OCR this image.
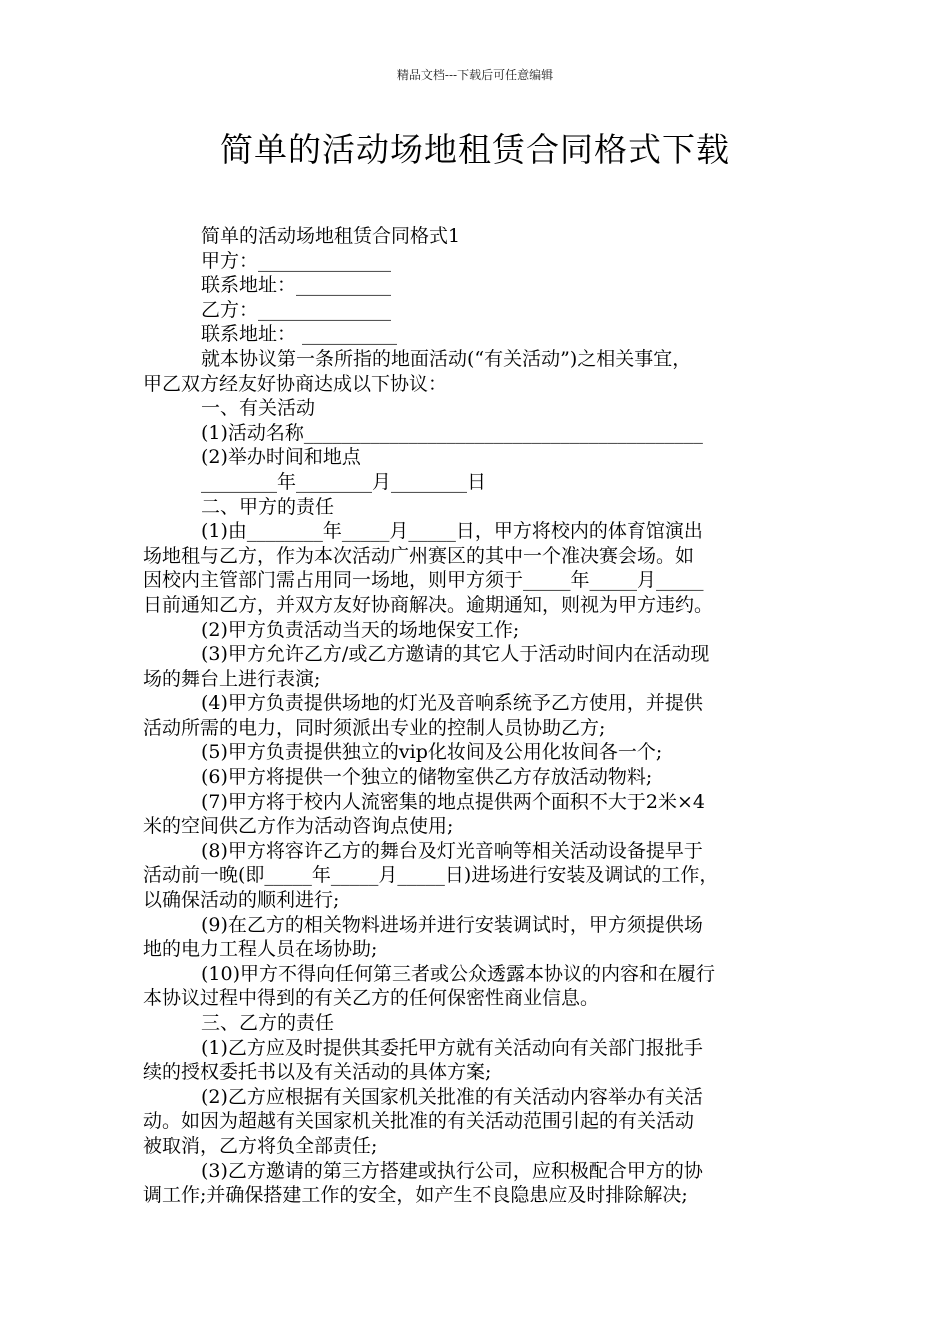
精品文档---下载后可任意编辑
简单的活动场地租赁合同格式下载
简单的活动场地租赁合同格式1
甲方：______________
联系地址：__________
乙方：______________
联系地址： __________
就本协议第一条所指的地面活动(“有关活动”)之相关事宜，
甲乙双方经友好协商达成以下协议：
一、有关活动
(1)活动名称__________________________________________
(2)举办时间和地点
________年________月________日
二、甲方的责任
(1)由________年_____月_____日，甲方将校内的体育馆演出
场地租与乙方，作为本次活动广州赛区的其中一个准决赛会场。如
因校内主管部门需占用同一场地，则甲方须于_____年_____月_____
日前通知乙方，并双方友好协商解决。逾期通知，则视为甲方违约。
(2)甲方负责活动当天的场地保安工作;
(3)甲方允许乙方/或乙方邀请的其它人于活动时间内在活动现
场的舞台上进行表演;
(4)甲方负责提供场地的灯光及音响系统予乙方使用，并提供
活动所需的电力，同时须派出专业的控制人员协助乙方;
(5)甲方负责提供独立的vip化妆间及公用化妆间各一个;
(6)甲方将提供一个独立的储物室供乙方存放活动物料;
(7)甲方将于校内人流密集的地点提供两个面积不大于2米×4
米的空间供乙方作为活动咨询点使用;
(8)甲方将容许乙方的舞台及灯光音响等相关活动设备提早于
活动前一晚(即_____年_____月_____日)进场进行安装及调试的工作，
以确保活动的顺利进行;
(9)在乙方的相关物料进场并进行安装调试时，甲方须提供场
地的电力工程人员在场协助;
(10)甲方不得向任何第三者或公众透露本协议的内容和在履行
本协议过程中得到的有关乙方的任何保密性商业信息。
三、乙方的责任
(1)乙方应及时提供其委托甲方就有关活动向有关部门报批手
续的授权委托书以及有关活动的具体方案;
(2)乙方应根据有关国家机关批准的有关活动内容举办有关活
动。如因为超越有关国家机关批准的有关活动范围引起的有关活动
被取消，乙方将负全部责任;
(3)乙方邀请的第三方搭建或执行公司，应积极配合甲方的协
调工作;并确保搭建工作的安全，如产生不良隐患应及时排除解决;
